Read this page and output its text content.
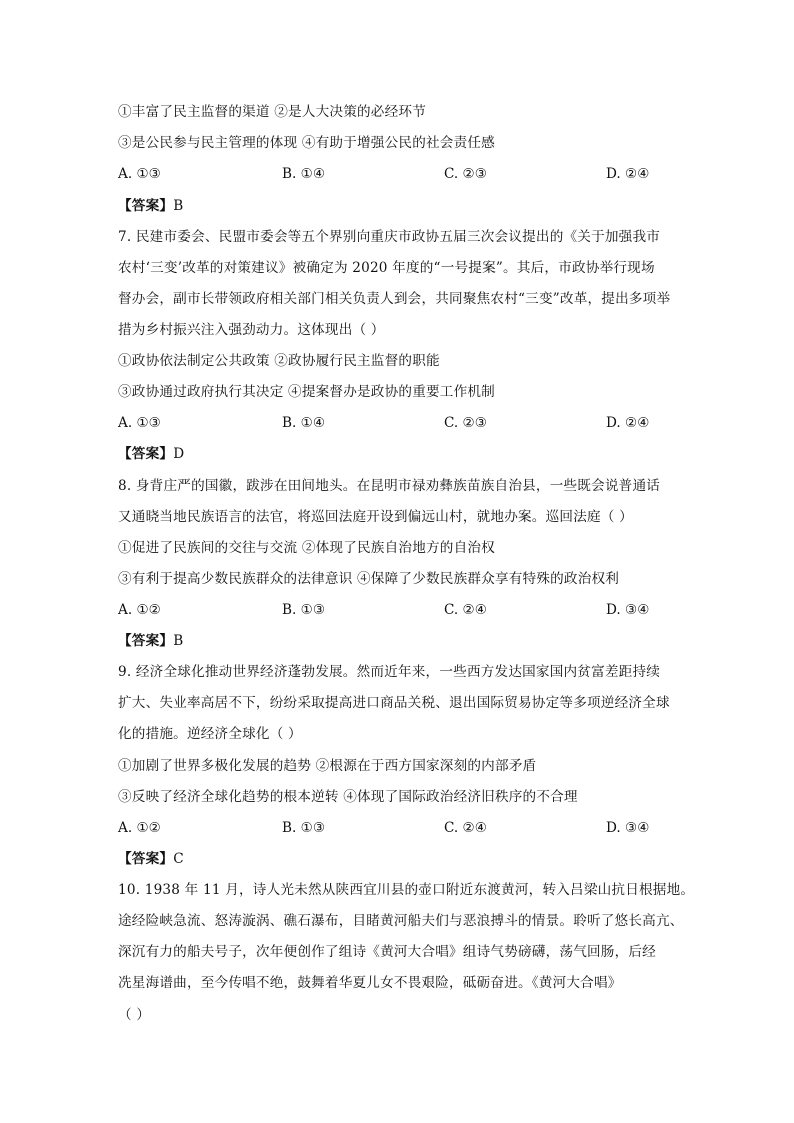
①丰富了民主监督的渠道 ②是人大决策的必经环节
③是公民参与民主管理的体现 ④有助于增强公民的社会责任感
A. ①③	B. ①④	C. ②③	D. ②④
【答案】B
7. 民建市委会、民盟市委会等五个界别向重庆市政协五届三次会议提出的《关于加强我市
农村‘三变’改革的对策建议》被确定为 2020 年度的“一号提案”。其后，市政协举行现场
督办会，副市长带领政府相关部门相关负责人到会，共同聚焦农村“三变”改革，提出多项举
措为乡村振兴注入强劲动力。这体现出（ ）
①政协依法制定公共政策 ②政协履行民主监督的职能
③政协通过政府执行其决定 ④提案督办是政协的重要工作机制
A. ①③	B. ①④	C. ②③	D. ②④
【答案】D
8. 身背庄严的国徽，跋涉在田间地头。在昆明市禄劝彝族苗族自治县，一些既会说普通话
又通晓当地民族语言的法官，将巡回法庭开设到偏远山村，就地办案。巡回法庭（ ）
①促进了民族间的交往与交流 ②体现了民族自治地方的自治权
③有利于提高少数民族群众的法律意识 ④保障了少数民族群众享有特殊的政治权利
A. ①②	B. ①③	C. ②④	D. ③④
【答案】B
9. 经济全球化推动世界经济蓬勃发展。然而近年来，一些西方发达国家国内贫富差距持续
扩大、失业率高居不下，纷纷采取提高进口商品关税、退出国际贸易协定等多项逆经济全球
化的措施。逆经济全球化（ ）
①加剧了世界多极化发展的趋势 ②根源在于西方国家深刻的内部矛盾
③反映了经济全球化趋势的根本逆转 ④体现了国际政治经济旧秩序的不合理
A. ①②	B. ①③	C. ②④	D. ③④
【答案】C
10. 1938 年 11 月，诗人光未然从陕西宜川县的壶口附近东渡黄河，转入吕梁山抗日根据地。
途经险峡急流、怒涛漩涡、礁石瀑布，目睹黄河船夫们与恶浪搏斗的情景。聆听了悠长高亢、
深沉有力的船夫号子，次年便创作了组诗《黄河大合唱》组诗气势磅礴，荡气回肠，后经
冼星海谱曲，至今传唱不绝，鼓舞着华夏儿女不畏艰险，砥砺奋进。《黄河大合唱》
（ ）
